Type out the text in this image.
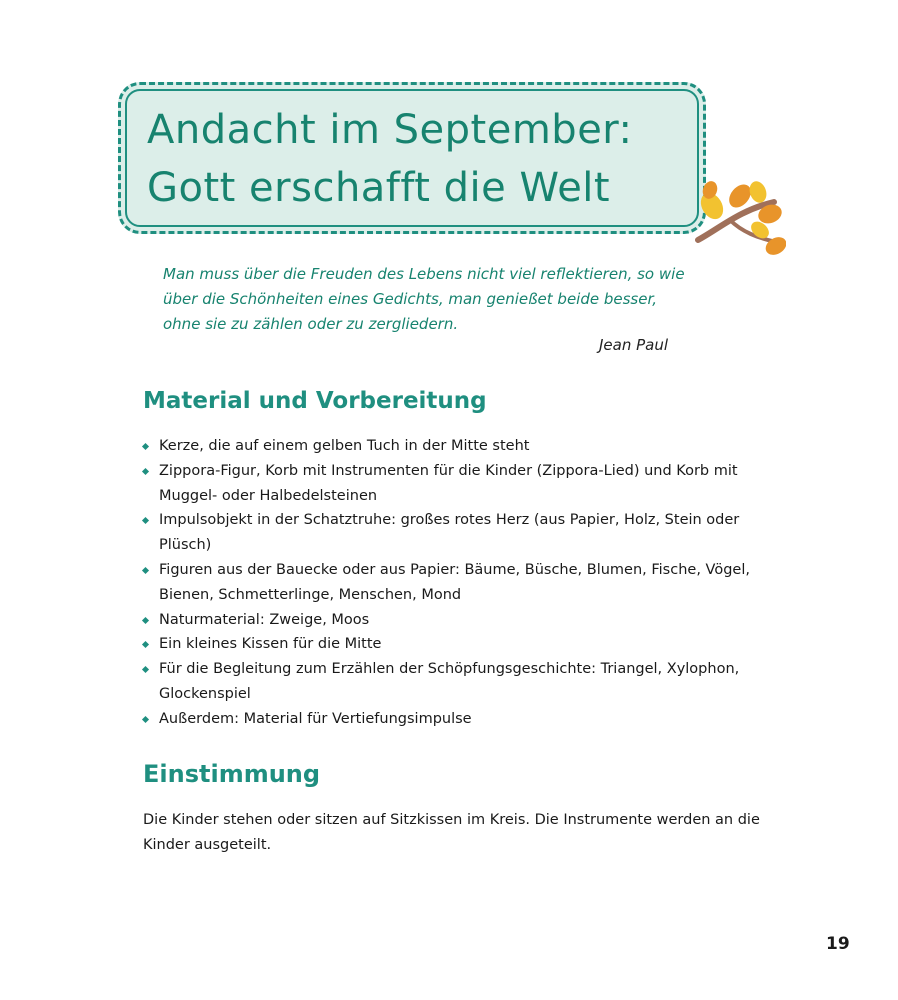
Andacht im September:
Gott erschafft die Welt
Man muss über die Freuden des Lebens nicht viel reflektieren, so wie über die Schönheiten eines Gedichts, man genießet beide besser, ohne sie zu zählen oder zu zergliedern.
Jean Paul
Material und Vorbereitung
Kerze, die auf einem gelben Tuch in der Mitte steht
Zippora-Figur, Korb mit Instrumenten für die Kinder (Zippora-Lied) und Korb mit Muggel- oder Halbedelsteinen
Impulsobjekt in der Schatztruhe: großes rotes Herz (aus Papier, Holz, Stein oder Plüsch)
Figuren aus der Bauecke oder aus Papier: Bäume, Büsche, Blumen, Fische, Vögel, Bienen, Schmetterlinge, Menschen, Mond
Naturmaterial: Zweige, Moos
Ein kleines Kissen für die Mitte
Für die Begleitung zum Erzählen der Schöpfungsgeschichte: Triangel, Xylophon, Glockenspiel
Außerdem: Material für Vertiefungsimpulse
Einstimmung
Die Kinder stehen oder sitzen auf Sitzkissen im Kreis. Die Instrumente werden an die Kinder ausgeteilt.
19
